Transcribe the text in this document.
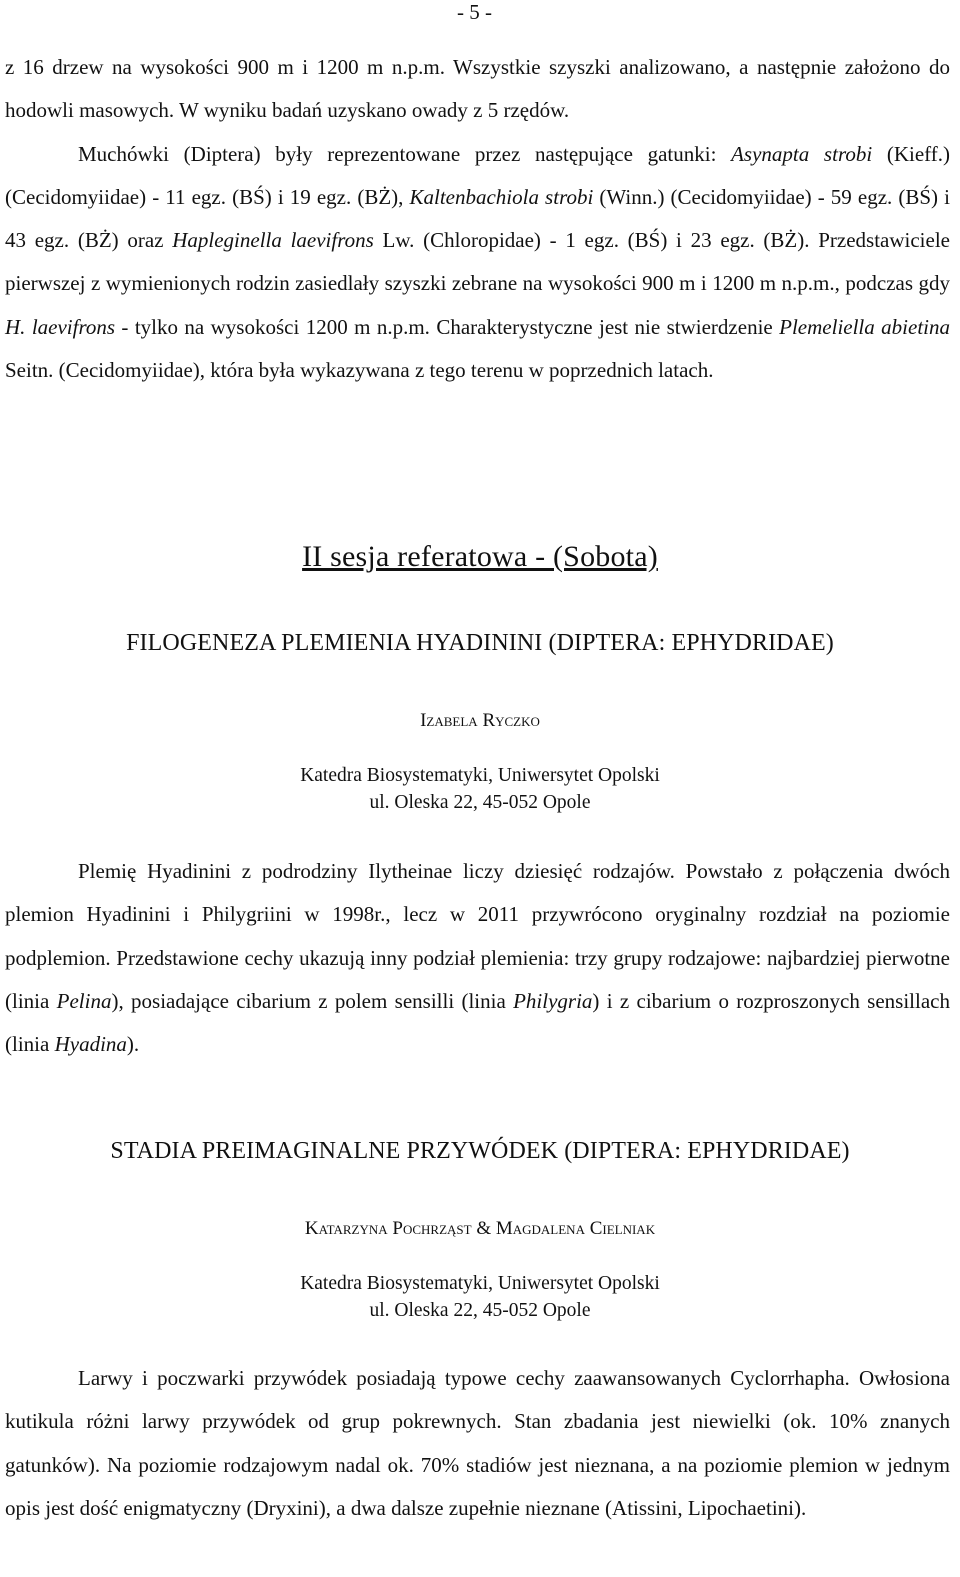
- 5 -

z 16 drzew na wysokości 900 m i 1200 m n.p.m. Wszystkie szyszki analizowano, a następnie założono do hodowli masowych. W wyniku badań uzyskano owady z 5 rzędów.
Muchówki (Diptera) były reprezentowane przez następujące gatunki: Asynapta strobi (Kieff.) (Cecidomyiidae) - 11 egz. (BŚ) i 19 egz. (BŻ), Kaltenbachiola strobi (Winn.) (Cecidomyiidae) - 59 egz. (BŚ) i 43 egz. (BŻ) oraz Hapleginella laevifrons Lw. (Chloropidae) - 1 egz. (BŚ) i 23 egz. (BŻ). Przedstawiciele pierwszej z wymienionych rodzin zasiedlały szyszki zebrane na wysokości 900 m i 1200 m n.p.m., podczas gdy H. laevifrons - tylko na wysokości 1200 m n.p.m. Charakterystyczne jest nie stwierdzenie Plemeliella abietina Seitn. (Cecidomyiidae), która była wykazywana z tego terenu w poprzednich latach.

II sesja referatowa - (Sobota)
FILOGENEZA PLEMIENIA HYADININI (DIPTERA: EPHYDRIDAE)
Izabela Ryczko
Katedra Biosystematyki, Uniwersytet Opolski
ul. Oleska 22, 45-052 Opole

Plemię Hyadinini z podrodziny Ilytheinae liczy dziesięć rodzajów. Powstało z połączenia dwóch plemion Hyadinini i Philygriini w 1998r., lecz w 2011 przywrócono oryginalny rozdział na poziomie podplemion. Przedstawione cechy ukazują inny podział plemienia: trzy grupy rodzajowe: najbardziej pierwotne (linia Pelina), posiadające cibarium z polem sensilli (linia Philygria) i z cibarium o rozproszonych sensillach (linia Hyadina).

STADIA PREIMAGINALNE PRZYWÓDEK (DIPTERA: EPHYDRIDAE)
Katarzyna Pochrząst & Magdalena Cielniak
Katedra Biosystematyki, Uniwersytet Opolski
ul. Oleska 22, 45-052 Opole

Larwy i poczwarki przywódek posiadają typowe cechy zaawansowanych Cyclorrhapha. Owłosiona kutikula różni larwy przywódek od grup pokrewnych. Stan zbadania jest niewielki (ok. 10% znanych gatunków). Na poziomie rodzajowym nadal ok. 70% stadiów jest nieznana, a na poziomie plemion w jednym opis jest dość enigmatyczny (Dryxini), a dwa dalsze zupełnie nieznane (Atissini, Lipochaetini).
